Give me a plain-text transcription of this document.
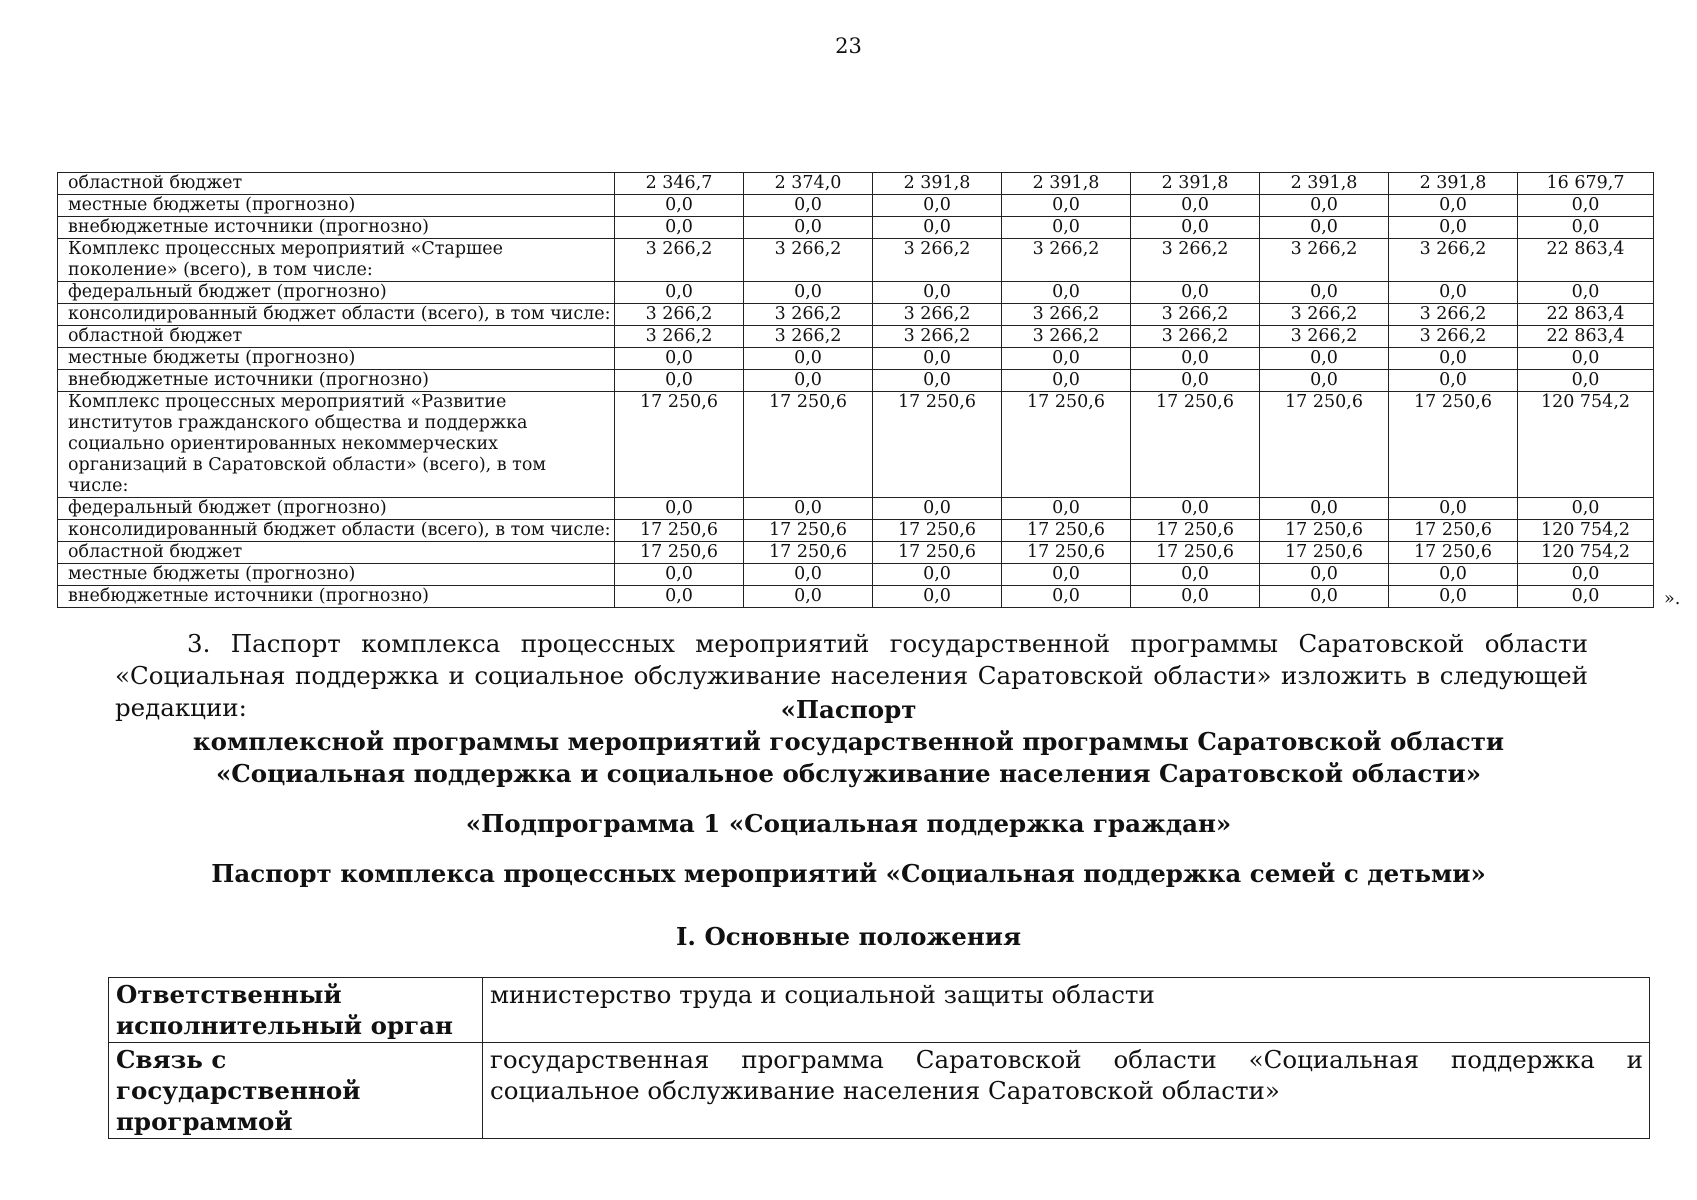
23
областной бюджет	2 346,7	2 374,0	2 391,8	2 391,8	2 391,8	2 391,8	2 391,8	16 679,7
местные бюджеты (прогнозно)	0,0	0,0	0,0	0,0	0,0	0,0	0,0	0,0
внебюджетные источники (прогнозно)	0,0	0,0	0,0	0,0	0,0	0,0	0,0	0,0
Комплекс процессных мероприятий «Старшее поколение» (всего), в том числе:	3 266,2	3 266,2	3 266,2	3 266,2	3 266,2	3 266,2	3 266,2	22 863,4
федеральный бюджет (прогнозно)	0,0	0,0	0,0	0,0	0,0	0,0	0,0	0,0
консолидированный бюджет области (всего), в том числе:	3 266,2	3 266,2	3 266,2	3 266,2	3 266,2	3 266,2	3 266,2	22 863,4
областной бюджет	3 266,2	3 266,2	3 266,2	3 266,2	3 266,2	3 266,2	3 266,2	22 863,4
местные бюджеты (прогнозно)	0,0	0,0	0,0	0,0	0,0	0,0	0,0	0,0
внебюджетные источники (прогнозно)	0,0	0,0	0,0	0,0	0,0	0,0	0,0	0,0
Комплекс процессных мероприятий «Развитие институтов гражданского общества и поддержка социально ориентированных некоммерческих организаций в Саратовской области» (всего), в том числе:	17 250,6	17 250,6	17 250,6	17 250,6	17 250,6	17 250,6	17 250,6	120 754,2
федеральный бюджет (прогнозно)	0,0	0,0	0,0	0,0	0,0	0,0	0,0	0,0
консолидированный бюджет области (всего), в том числе:	17 250,6	17 250,6	17 250,6	17 250,6	17 250,6	17 250,6	17 250,6	120 754,2
областной бюджет	17 250,6	17 250,6	17 250,6	17 250,6	17 250,6	17 250,6	17 250,6	120 754,2
местные бюджеты (прогнозно)	0,0	0,0	0,0	0,0	0,0	0,0	0,0	0,0
внебюджетные источники (прогнозно)	0,0	0,0	0,0	0,0	0,0	0,0	0,0	0,0	».
3. Паспорт комплекса процессных мероприятий государственной программы Саратовской области «Социальная поддержка и социальное обслуживание населения Саратовской области» изложить в следующей редакции:	«Паспорт
комплексной программы мероприятий государственной программы Саратовской области
«Социальная поддержка и социальное обслуживание населения Саратовской области»
«Подпрограмма 1 «Социальная поддержка граждан»
Паспорт комплекса процессных мероприятий «Социальная поддержка семей с детьми»
I. Основные положения
Ответственный исполнительный орган	министерство труда и социальной защиты области
Связь с государственной программой	государственная программа Саратовской области «Социальная поддержка и социальное обслуживание населения Саратовской области»
